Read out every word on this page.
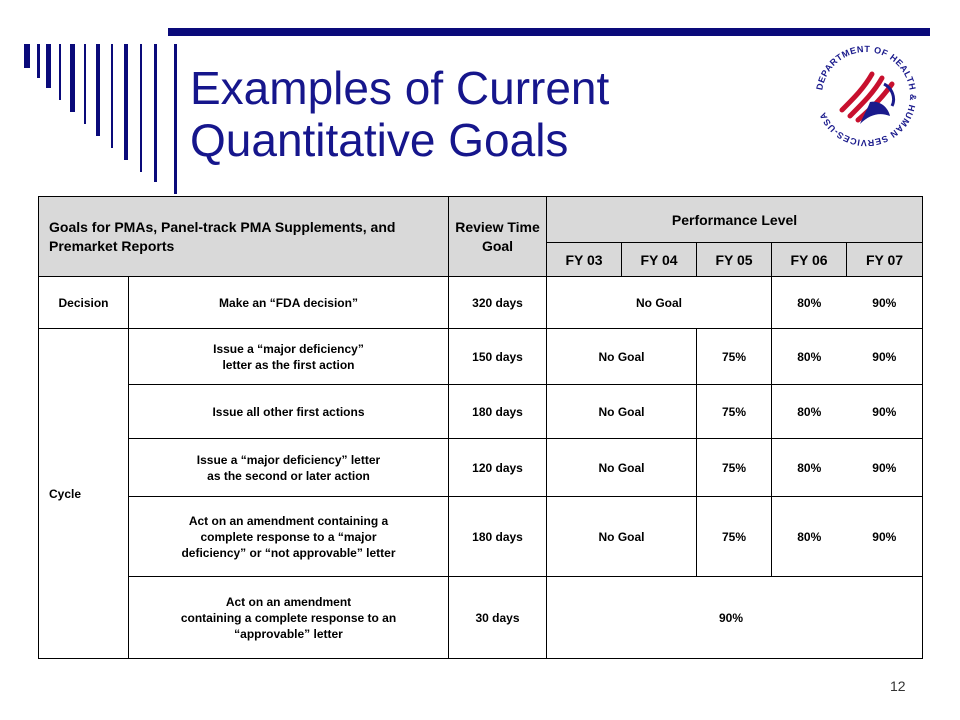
Examples of Current
Quantitative Goals
DEPARTMENT OF HEALTH & HUMAN SERVICES-USA
Goals for PMAs, Panel-track PMA Supplements, and Premarket Reports		Review Time Goal	Performance Level				
			FY 03	FY 04	FY 05	FY 06	FY 07
Decision	Make an “FDA decision”	320 days	No Goal			80%	90%
Cycle	Issue a “major deficiency”
letter as the first action	150 days	No Goal		75%	80%	90%
	Issue all other first actions	180 days	No Goal		75%	80%	90%
	Issue a “major deficiency” letter
as the second or later action	120 days	No Goal		75%	80%	90%
	Act on an amendment containing a
complete response to a “major
deficiency” or “not approvable” letter	180 days	No Goal		75%	80%	90%
	Act on an amendment
containing a complete response to an
“approvable” letter	30 days	90%				
12
